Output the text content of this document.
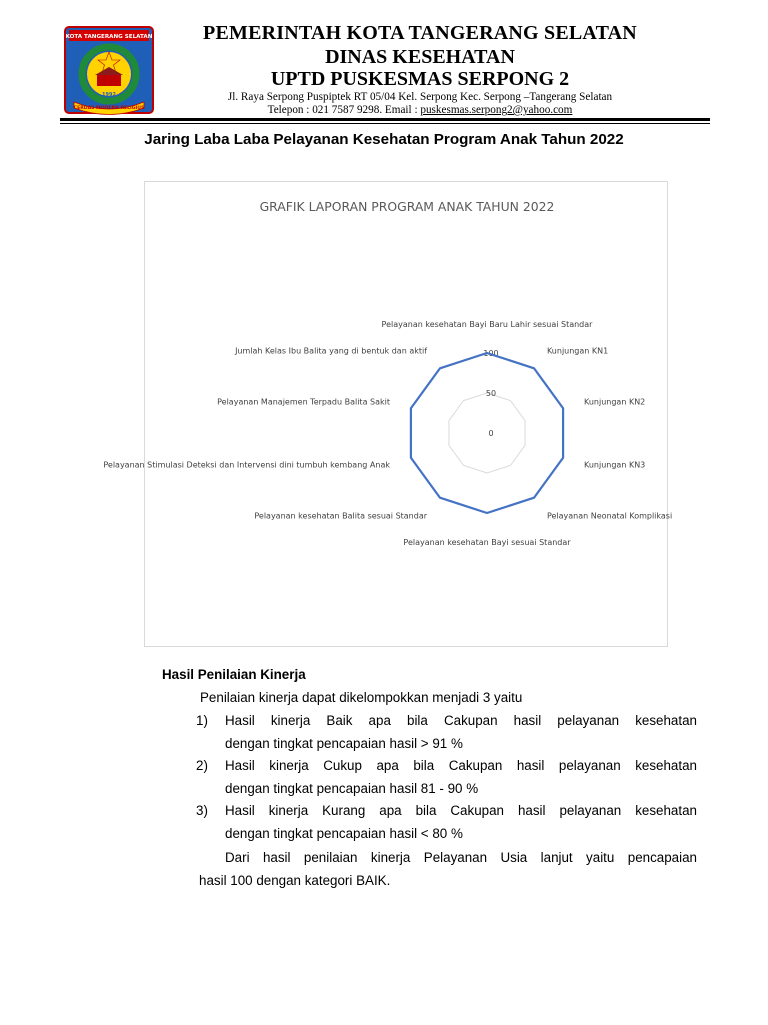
KOTA TANGERANG SELATAN
1992
CERDAS MODERN RELIGIUS
PEMERINTAH KOTA TANGERANG SELATAN
DINAS KESEHATAN
UPTD PUSKESMAS SERPONG 2
Jl. Raya Serpong Puspiptek RT 05/04 Kel. Serpong Kec. Serpong –Tangerang Selatan
Telepon : 021 7587 9298. Email : puskesmas.serpong2@yahoo.com
Jaring Laba Laba Pelayanan Kesehatan Program Anak Tahun 2022
GRAFIK LAPORAN PROGRAM ANAK TAHUN 2022
0
50
100
Pelayanan kesehatan Bayi Baru Lahir sesuai Standar
Kunjungan KN1
Kunjungan KN2
Kunjungan KN3
Pelayanan Neonatal Komplikasi
Pelayanan kesehatan Bayi sesuai Standar
Pelayanan kesehatan Balita sesuai Standar
Pelayanan Stimulasi Deteksi dan Intervensi dini tumbuh kembang Anak
Pelayanan Manajemen Terpadu Balita Sakit
Jumlah Kelas Ibu Balita yang di bentuk dan aktif
Hasil Penilaian Kinerja
Penilaian kinerja dapat dikelompokkan menjadi 3 yaitu
1) Hasil kinerja Baik apa bila Cakupan hasil pelayanan kesehatan
dengan tingkat pencapaian hasil > 91 %
2) Hasil kinerja Cukup apa bila Cakupan hasil pelayanan kesehatan
dengan tingkat pencapaian hasil 81 - 90 %
3) Hasil kinerja Kurang apa bila Cakupan hasil pelayanan kesehatan
dengan tingkat pencapaian hasil < 80 %
Dari hasil penilaian kinerja Pelayanan Usia lanjut yaitu pencapaian
hasil 100 dengan kategori BAIK.
